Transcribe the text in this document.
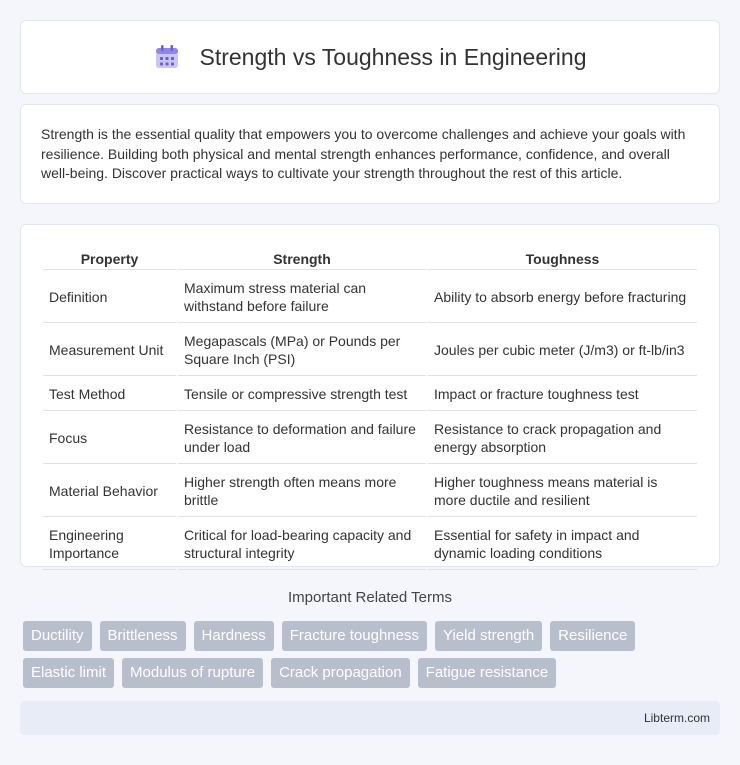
Strength vs Toughness in Engineering

Strength is the essential quality that empowers you to overcome challenges and achieve your goals with resilience. Building both physical and mental strength enhances performance, confidence, and overall well-being. Discover practical ways to cultivate your strength throughout the rest of this article.

Property	Strength	Toughness
Definition	Maximum stress material can withstand before failure	Ability to absorb energy before fracturing
Measurement Unit	Megapascals (MPa) or Pounds per Square Inch (PSI)	Joules per cubic meter (J/m3) or ft-lb/in3
Test Method	Tensile or compressive strength test	Impact or fracture toughness test
Focus	Resistance to deformation and failure under load	Resistance to crack propagation and energy absorption
Material Behavior	Higher strength often means more brittle	Higher toughness means material is more ductile and resilient
Engineering Importance	Critical for load-bearing capacity and structural integrity	Essential for safety in impact and dynamic loading conditions
Important Related Terms
Ductility	Brittleness	Hardness	Fracture toughness	Yield strength	Resilience
Elastic limit	Modulus of rupture	Crack propagation	Fatigue resistance
Libterm.com
